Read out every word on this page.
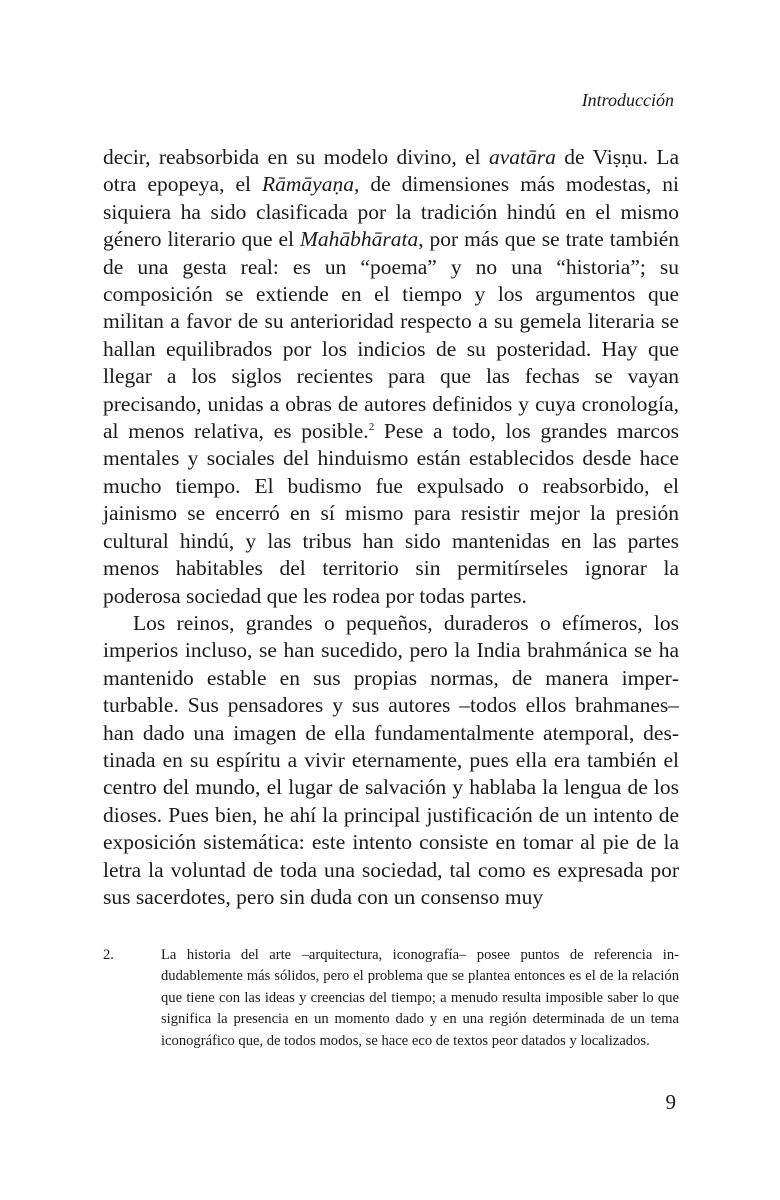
Introducción

decir, reabsorbida en su modelo divino, el avatāra de Viṣṇu. La otra epopeya, el Rāmāyaṇa, de dimensiones más modestas, ni siquiera ha sido clasificada por la tradición hindú en el mismo género literario que el Mahābhārata, por más que se trate también de una gesta real: es un “poema” y no una “historia”; su composición se extiende en el tiempo y los argumentos que militan a favor de su anterioridad respecto a su gemela literaria se hallan equilibrados por los indicios de su posteridad. Hay que llegar a los siglos recientes para que las fechas se vayan precisando, unidas a obras de autores definidos y cuya cronología, al menos relativa, es posible.$^2$ Pese a todo, los grandes marcos mentales y sociales del hinduismo están establecidos desde hace mucho tiempo. El budismo fue expulsado o reabsorbido, el jainismo se encerró en sí mismo para resistir mejor la presión cultural hindú, y las tribus han sido mantenidas en las partes menos habitables del territorio sin permitírseles ignorar la poderosa sociedad que les rodea por todas partes.

Los reinos, grandes o pequeños, duraderos o efímeros, los imperios incluso, se han sucedido, pero la India brahmánica se ha mantenido estable en sus propias normas, de manera imperturbable. Sus pensadores y sus autores –todos ellos brahmanes– han dado una imagen de ella fundamentalmente atemporal, destinada en su espíritu a vivir eternamente, pues ella era también el centro del mundo, el lugar de salvación y hablaba la lengua de los dioses. Pues bien, he ahí la principal justificación de un intento de exposición sistemática: este intento consiste en tomar al pie de la letra la voluntad de toda una sociedad, tal como es expresada por sus sacerdotes, pero sin duda con un consenso muy

2.	La historia del arte –arquitectura, iconografía– posee puntos de referencia indudablemente más sólidos, pero el problema que se plantea entonces es el de la relación que tiene con las ideas y creencias del tiempo; a menudo resulta imposible saber lo que significa la presencia en un momento dado y en una región determinada de un tema iconográfico que, de todos modos, se hace eco de textos peor datados y localizados.
9
